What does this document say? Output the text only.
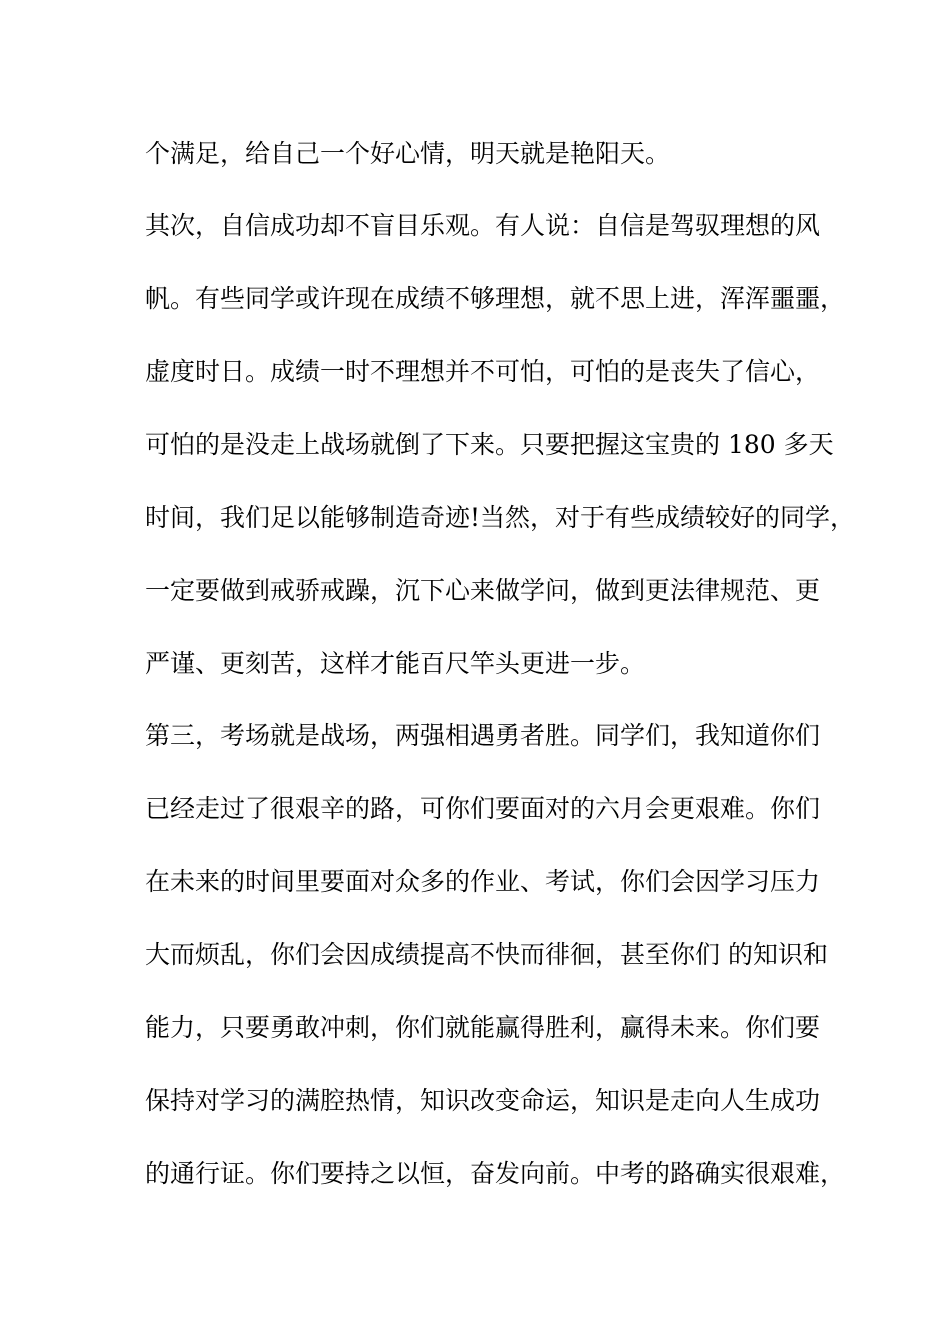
个满足，给自己一个好心情，明天就是艳阳天。

其次，自信成功却不盲目乐观。有人说：自信是驾驭理想的风

帆。有些同学或许现在成绩不够理想，就不思上进，浑浑噩噩，

虚度时日。成绩一时不理想并不可怕，可怕的是丧失了信心，

可怕的是没走上战场就倒了下来。只要把握这宝贵的 180 多天

时间，我们足以能够制造奇迹!当然，对于有些成绩较好的同学，

一定要做到戒骄戒躁，沉下心来做学问，做到更法律规范、更

严谨、更刻苦，这样才能百尺竿头更进一步。

第三，考场就是战场，两强相遇勇者胜。同学们，我知道你们

已经走过了很艰辛的路，可你们要面对的六月会更艰难。你们

在未来的时间里要面对众多的作业、考试，你们会因学习压力

大而烦乱，你们会因成绩提高不快而徘徊，甚至你们 的知识和

能力，只要勇敢冲刺，你们就能赢得胜利，赢得未来。你们要

保持对学习的满腔热情，知识改变命运，知识是走向人生成功

的通行证。你们要持之以恒，奋发向前。中考的路确实很艰难，
